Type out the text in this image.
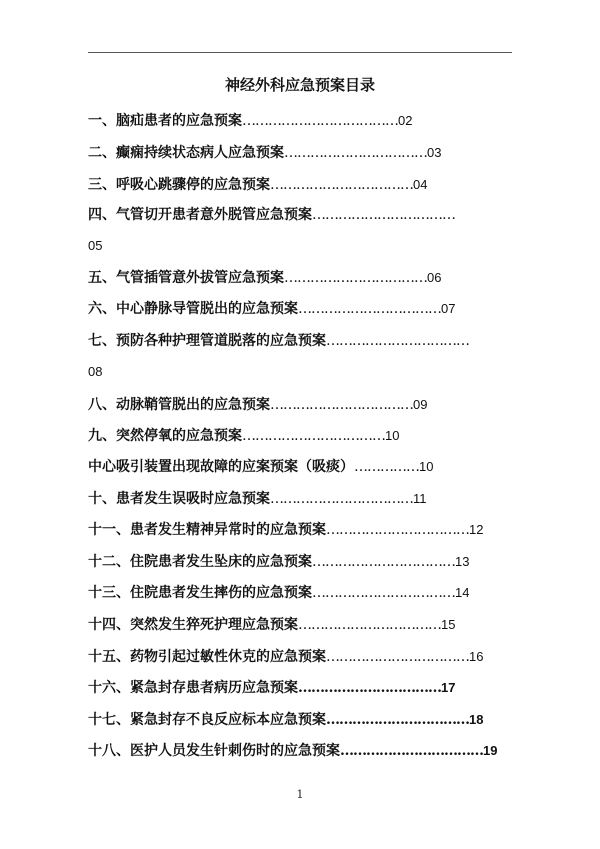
神经外科应急预案目录
一、脑疝患者的应急预案………………………………02
二、癫痫持续状态病人应急预案……………………………03
三、呼吸心跳骤停的应急预案……………………………04
四、气管切开患者意外脱管应急预案……………………………
05
五、气管插管意外拔管应急预案……………………………06
六、中心静脉导管脱出的应急预案……………………………07
七、预防各种护理管道脱落的应急预案……………………………
08
八、动脉鞘管脱出的应急预案……………………………09
九、突然停氧的应急预案……………………………10
中心吸引装置出现故障的应案预案（吸痰）……………10
十、患者发生误吸时应急预案……………………………11
十一、患者发生精神异常时的应急预案……………………………12
十二、住院患者发生坠床的应急预案……………………………13
十三、住院患者发生摔伤的应急预案……………………………14
十四、突然发生猝死护理应急预案……………………………15
十五、药物引起过敏性休克的应急预案……………………………16
十六、紧急封存患者病历应急预案……………………………17
十七、紧急封存不良反应标本应急预案……………………………18
十八、医护人员发生针刺伤时的应急预案……………………………19
1
